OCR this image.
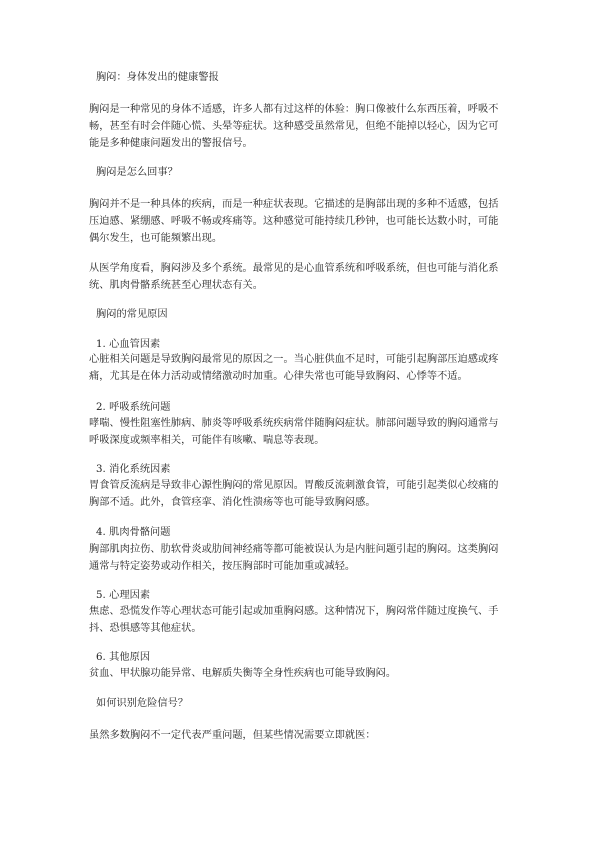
胸闷：身体发出的健康警报
胸闷是一种常见的身体不适感，许多人都有过这样的体验：胸口像被什么东西压着，呼吸不
畅，甚至有时会伴随心慌、头晕等症状。这种感受虽然常见，但绝不能掉以轻心，因为它可
能是多种健康问题发出的警报信号。
胸闷是怎么回事？
胸闷并不是一种具体的疾病，而是一种症状表现。它描述的是胸部出现的多种不适感，包括
压迫感、紧绷感、呼吸不畅或疼痛等。这种感觉可能持续几秒钟，也可能长达数小时，可能
偶尔发生，也可能频繁出现。
从医学角度看，胸闷涉及多个系统。最常见的是心血管系统和呼吸系统，但也可能与消化系
统、肌肉骨骼系统甚至心理状态有关。
胸闷的常见原因
1. 心血管因素
心脏相关问题是导致胸闷最常见的原因之一。当心脏供血不足时，可能引起胸部压迫感或疼
痛，尤其是在体力活动或情绪激动时加重。心律失常也可能导致胸闷、心悸等不适。
2. 呼吸系统问题
哮喘、慢性阻塞性肺病、肺炎等呼吸系统疾病常伴随胸闷症状。肺部问题导致的胸闷通常与
呼吸深度或频率相关，可能伴有咳嗽、喘息等表现。
3. 消化系统因素
胃食管反流病是导致非心源性胸闷的常见原因。胃酸反流刺激食管，可能引起类似心绞痛的
胸部不适。此外，食管痉挛、消化性溃疡等也可能导致胸闷感。
4. 肌肉骨骼问题
胸部肌肉拉伤、肋软骨炎或肋间神经痛等都可能被误认为是内脏问题引起的胸闷。这类胸闷
通常与特定姿势或动作相关，按压胸部时可能加重或减轻。
5. 心理因素
焦虑、恐慌发作等心理状态可能引起或加重胸闷感。这种情况下，胸闷常伴随过度换气、手
抖、恐惧感等其他症状。
6. 其他原因
贫血、甲状腺功能异常、电解质失衡等全身性疾病也可能导致胸闷。
如何识别危险信号？
虽然多数胸闷不一定代表严重问题，但某些情况需要立即就医：
